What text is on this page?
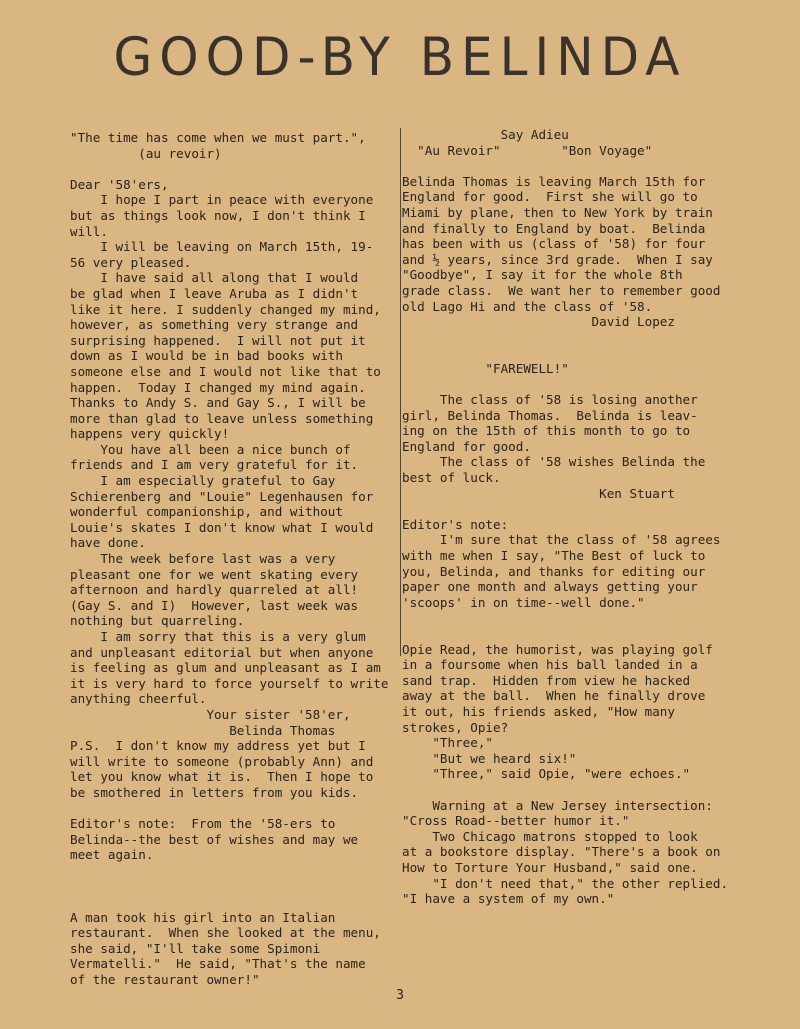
GOOD-BY BELINDA

"The time has come when we must part.",

(au revoir)

Dear '58'ers,

I hope I part in peace with everyone

but as things look now, I don't think I

will.

I will be leaving on March 15th, 19-

56 very pleased.

I have said all along that I would

be glad when I leave Aruba as I didn't

like it here. I suddenly changed my mind,

however, as something very strange and

surprising happened.  I will not put it

down as I would be in bad books with

someone else and I would not like that to

happen.  Today I changed my mind again.

Thanks to Andy S. and Gay S., I will be

more than glad to leave unless something

happens very quickly!

You have all been a nice bunch of

friends and I am very grateful for it.

I am especially grateful to Gay

Schierenberg and "Louie" Legenhausen for

wonderful companionship, and without

Louie's skates I don't know what I would

have done.

The week before last was a very

pleasant one for we went skating every

afternoon and hardly quarreled at all!

(Gay S. and I)  However, last week was

nothing but quarreling.

I am sorry that this is a very glum

and unpleasant editorial but when anyone

is feeling as glum and unpleasant as I am

it is very hard to force yourself to write

anything cheerful.

Your sister '58'er,

Belinda Thomas

P.S.  I don't know my address yet but I

will write to someone (probably Ann) and

let you know what it is.  Then I hope to

be smothered in letters from you kids.

Editor's note:  From the '58-ers to

Belinda--the best of wishes and may we

meet again.

A man took his girl into an Italian

restaurant.  When she looked at the menu,

she said, "I'll take some Spimoni

Vermatelli."  He said, "That's the name

of the restaurant owner!"

Say Adieu

"Au Revoir"        "Bon Voyage"

Belinda Thomas is leaving March 15th for

England for good.  First she will go to

Miami by plane, then to New York by train

and finally to England by boat.  Belinda

has been with us (class of '58) for four

and ½ years, since 3rd grade.  When I say

"Goodbye", I say it for the whole 8th

grade class.  We want her to remember good

old Lago Hi and the class of '58.

David Lopez

"FAREWELL!"

The class of '58 is losing another

girl, Belinda Thomas.  Belinda is leav-

ing on the 15th of this month to go to

England for good.

The class of '58 wishes Belinda the

best of luck.

Ken Stuart

Editor's note:

I'm sure that the class of '58 agrees

with me when I say, "The Best of luck to

you, Belinda, and thanks for editing our

paper one month and always getting your

'scoops' in on time--well done."

Opie Read, the humorist, was playing golf

in a foursome when his ball landed in a

sand trap.  Hidden from view he hacked

away at the ball.  When he finally drove

it out, his friends asked, "How many

strokes, Opie?

"Three,"

"But we heard six!"

"Three," said Opie, "were echoes."

Warning at a New Jersey intersection:

"Cross Road--better humor it."

Two Chicago matrons stopped to look

at a bookstore display. "There's a book on

How to Torture Your Husband," said one.

"I don't need that," the other replied.

"I have a system of my own."

3
